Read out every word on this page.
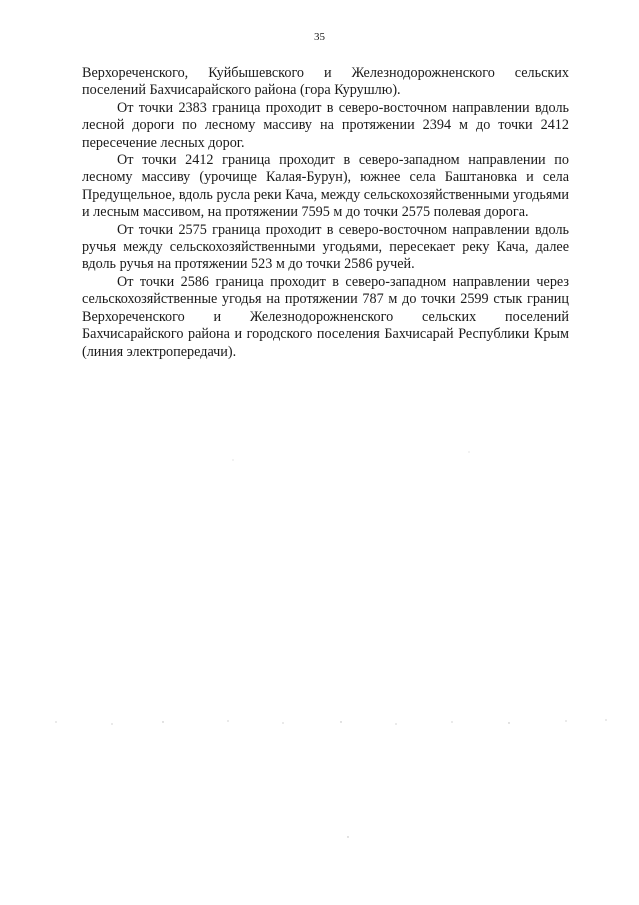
35

Верхореченского, Куйбышевского и Железнодорожненского сельских поселений Бахчисарайского района (гора Курушлю).

От точки 2383 граница проходит в северо-восточном направлении вдоль лесной дороги по лесному массиву на протяжении 2394 м до точки 2412 пересечение лесных дорог.

От точки 2412 граница проходит в северо-западном направлении по лесному массиву (урочище Калая-Бурун), южнее села Баштановка и села Предущельное, вдоль русла реки Кача, между сельскохозяйственными угодьями и лесным массивом, на протяжении 7595 м до точки 2575 полевая дорога.

От точки 2575 граница проходит в северо-восточном направлении вдоль ручья между сельскохозяйственными угодьями, пересекает реку Кача, далее вдоль ручья на протяжении 523 м до точки 2586 ручей.

От точки 2586 граница проходит в северо-западном направлении через сельскохозяйственные угодья на протяжении 787 м до точки 2599 стык границ Верхореченского и Железнодорожненского сельских поселений Бахчисарайского района и городского поселения Бахчисарай Республики Крым (линия электропередачи).
